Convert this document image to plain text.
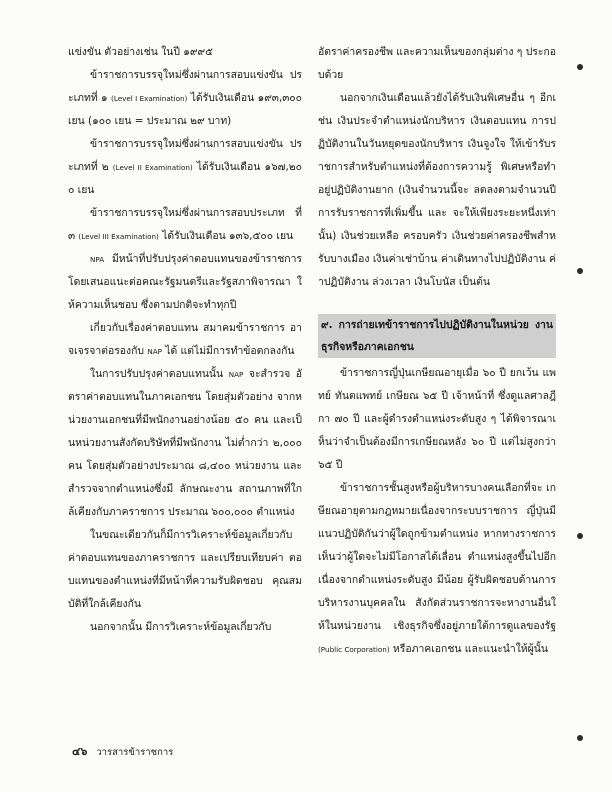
แข่งขัน ตัวอย่างเช่น ในปี ๑๙๙๕

ข้าราชการบรรจุใหม่ซึ่งผ่านการสอบแข่งขัน ประเภทที่ ๑ (Level I Examination) ได้รับเงินเดือน ๑๙๓,๓๐๐ เยน (๑๐๐ เยน = ประมาณ ๒๙ บาท)

ข้าราชการบรรจุใหม่ซึ่งผ่านการสอบแข่งขัน ประเภทที่ ๒ (Level II Examination) ได้รับเงินเดือน ๑๖๗,๒๐๐ เยน

ข้าราชการบรรจุใหม่ซึ่งผ่านการสอบประเภท ที่ ๓ (Level III Examination) ได้รับเงินเดือน ๑๓๖,๕๐๐ เยน

NPA มีหน้าที่ปรับปรุงค่าตอบแทนของข้าราชการ โดยเสนอแนะต่อคณะรัฐมนตรีและรัฐสภาพิจารณา ให้ความเห็นชอบ ซึ่งตามปกติจะทำทุกปี

เกี่ยวกับเรื่องค่าตอบแทน สมาคมข้าราชการ อาจเจรจาต่อรองกับ NAP ได้ แต่ไม่มีการทำข้อตกลงกัน

ในการปรับปรุงค่าตอบแทนนั้น NAP จะสำรวจ อัตราค่าตอบแทนในภาคเอกชน โดยสุ่มตัวอย่าง จากหน่วยงานเอกชนที่มีพนักงานอย่างน้อย ๕๐ คน และเป็นหน่วยงานสังกัดบริษัทที่มีพนักงาน ไม่ต่ำกว่า ๒,๐๐๐ คน โดยสุ่มตัวอย่างประมาณ ๘,๔๐๐ หน่วยงาน และสำรวจจากตำแหน่งซึ่งมี ลักษณะงาน สถานภาพที่ใกล้เคียงกับภาคราชการ ประมาณ ๖๐๐,๐๐๐ ตำแหน่ง

ในขณะเดียวกันก็มีการวิเคราะห์ข้อมูลเกี่ยวกับ ค่าตอบแทนของภาคราชการ และเปรียบเทียบค่า ตอบแทนของตำแหน่งที่มีหน้าที่ความรับผิดชอบ คุณสมบัติที่ใกล้เคียงกัน

นอกจากนั้น มีการวิเคราะห์ข้อมูลเกี่ยวกับ

อัตราค่าครองชีพ และความเห็นของกลุ่มต่าง ๆ ประกอบด้วย

นอกจากเงินเดือนแล้วยังได้รับเงินพิเศษอื่น ๆ อีกเช่น เงินประจำตำแหน่งนักบริหาร เงินตอบแทน การปฏิบัติงานในวันหยุดของนักบริหาร เงินจูงใจ ให้เข้ารับราชการสำหรับตำแหน่งที่ต้องการความรู้ พิเศษหรือทำอยู่ปฏิบัติงานยาก (เงินจำนวนนี้จะ ลดลงตามจำนวนปีการรับราชการที่เพิ่มขึ้น และ จะให้เพียงระยะหนึ่งเท่านั้น) เงินช่วยเหลือ ครอบครัว เงินช่วยค่าครองชีพสำหรับบางเมือง เงินค่าเช่าบ้าน ค่าเดินทางไปปฏิบัติงาน ค่าปฏิบัติงาน ล่วงเวลา เงินโบนัส เป็นต้น

๙. การถ่ายเทข้าราชการไปปฏิบัติงานในหน่วย งานธุรกิจหรือภาคเอกชน

ข้าราชการญี่ปุ่นเกษียณอายุเมื่อ ๖๐ ปี ยกเว้น แพทย์ ทันตแพทย์ เกษียณ ๖๕ ปี เจ้าหน้าที่ ซึ่งดูแลศาลฎีกา ๗๐ ปี และผู้ดำรงตำแหน่งระดับสูง ๆ ได้พิจารณาเห็นว่าจำเป็นต้องมีการเกษียณหลัง ๖๐ ปี แต่ไม่สูงกว่า ๖๕ ปี

ข้าราชการชั้นสูงหรือผู้บริหารบางคนเลือกที่จะ เกษียณอายุตามกฎหมายเนื่องจากระบบราชการ ญี่ปุ่นมีแนวปฏิบัติกันว่าผู้ใดถูกข้ามตำแหน่ง หากทางราชการเห็นว่าผู้ใดจะไม่มีโอกาสได้เลื่อน ตำแหน่งสูงขึ้นไปอีก เนื่องจากตำแหน่งระดับสูง มีน้อย ผู้รับผิดชอบด้านการบริหารงานบุคคลใน สังกัดส่วนราชการจะหางานอื่นให้ในหน่วยงาน เชิงธุรกิจซึ่งอยู่ภายใต้การดูแลของรัฐ (Public Corporation) หรือภาคเอกชน และแนะนำให้ผู้นั้น

๔๖ วารสารข้าราชการ
